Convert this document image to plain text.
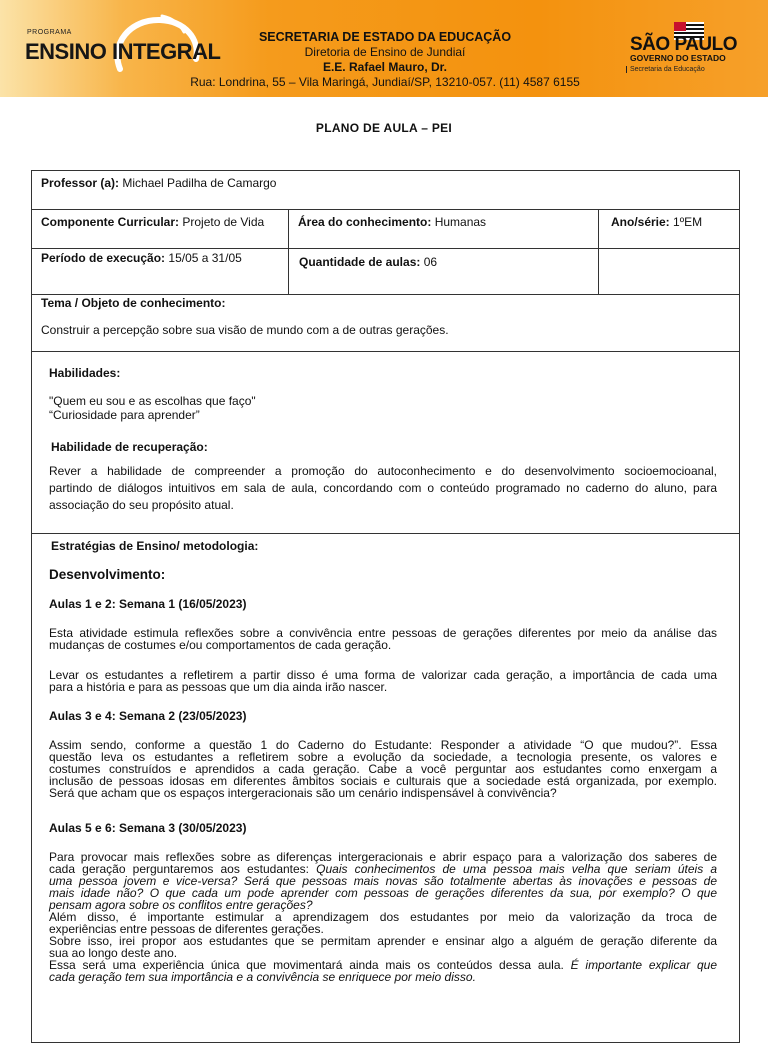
PROGRAMA
ENSINO INTEGRAL
SECRETARIA DE ESTADO DA EDUCAÇÃO
Diretoria de Ensino de Jundiaí
E.E. Rafael Mauro, Dr.
Rua: Londrina, 55 – Vila Maringá, Jundiaí/SP, 13210-057. (11) 4587 6155
SÃO PAULO
GOVERNO DO ESTADO
Secretaria da Educação
PLANO DE AULA – PEI
Professor (a): Michael Padilha de Camargo
Componente Curricular: Projeto de Vida	Área do conhecimento: Humanas	Ano/série: 1ºEM
Período de execução: 15/05 a 31/05	Quantidade de aulas: 06
Tema / Objeto de conhecimento:
Construir a percepção sobre sua visão de mundo com a de outras gerações.
Habilidades:
"Quem eu sou e as escolhas que faço"
“Curiosidade para aprender”
Habilidade de recuperação:
Rever a habilidade de compreender a promoção do autoconhecimento e do desenvolvimento socioemocioanal,
partindo de diálogos intuitivos em sala de aula, concordando com o conteúdo programado no caderno do aluno, para
associação do seu propósito atual.
Estratégias de Ensino/ metodologia:
Desenvolvimento:
Aulas 1 e 2: Semana 1 (16/05/2023)
Esta atividade estimula reflexões sobre a convivência entre pessoas de gerações diferentes por meio da análise das
mudanças de costumes e/ou comportamentos de cada geração.
Levar os estudantes a refletirem a partir disso é uma forma de valorizar cada geração, a importância de cada uma
para a história e para as pessoas que um dia ainda irão nascer.
Aulas 3 e 4: Semana 2 (23/05/2023)
Assim sendo, conforme a questão 1 do Caderno do Estudante: Responder a atividade “O que mudou?”. Essa
questão leva os estudantes a refletirem sobre a evolução da sociedade, a tecnologia presente, os valores e
costumes construídos e aprendidos a cada geração. Cabe a você perguntar aos estudantes como enxergam a
inclusão de pessoas idosas em diferentes âmbitos sociais e culturais que a sociedade está organizada, por exemplo.
Será que acham que os espaços intergeracionais são um cenário indispensável à convivência?
Aulas 5 e 6: Semana 3 (30/05/2023)
Para provocar mais reflexões sobre as diferenças intergeracionais e abrir espaço para a valorização dos saberes de
cada geração perguntaremos aos estudantes: Quais conhecimentos de uma pessoa mais velha que seriam úteis a
uma pessoa jovem e vice-versa? Será que pessoas mais novas são totalmente abertas às inovações e pessoas de
mais idade não? O que cada um pode aprender com pessoas de gerações diferentes da sua, por exemplo? O que
pensam agora sobre os conflitos entre gerações?
Além disso, é importante estimular a aprendizagem dos estudantes por meio da valorização da troca de
experiências entre pessoas de diferentes gerações.
Sobre isso, irei propor aos estudantes que se permitam aprender e ensinar algo a alguém de geração diferente da
sua ao longo deste ano.
Essa será uma experiência única que movimentará ainda mais os conteúdos dessa aula. É importante explicar que
cada geração tem sua importância e a convivência se enriquece por meio disso.
